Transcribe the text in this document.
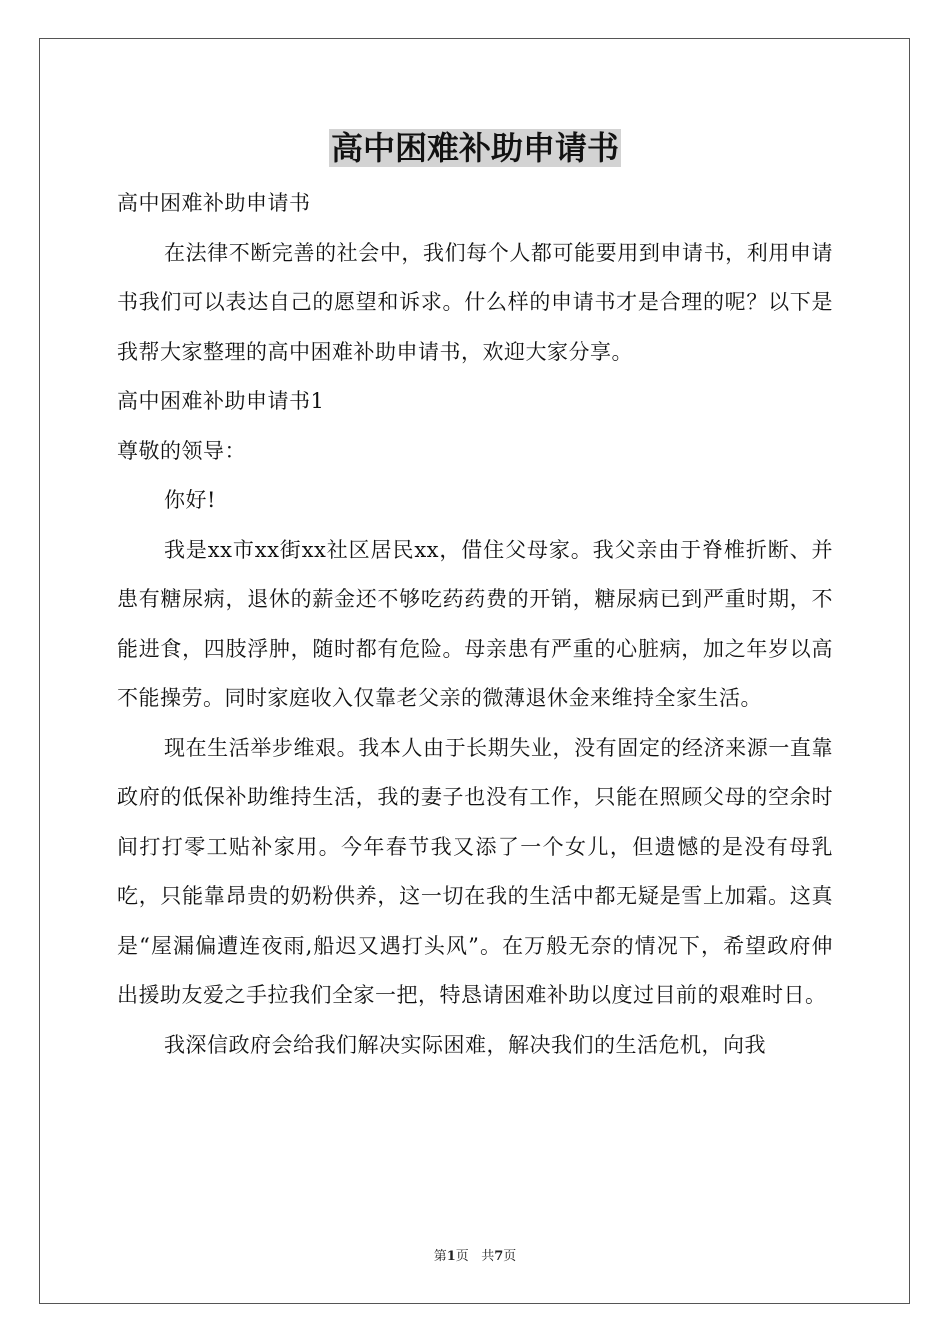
高中困难补助申请书

高中困难补助申请书

在法律不断完善的社会中，我们每个人都可能要用到申请书，利用申请书我们可以表达自己的愿望和诉求。什么样的申请书才是合理的呢？以下是我帮大家整理的高中困难补助申请书，欢迎大家分享。

高中困难补助申请书1

尊敬的领导：

你好!

我是xx市xx街xx社区居民xx，借住父母家。我父亲由于脊椎折断、并患有糖尿病，退休的薪金还不够吃药药费的开销，糖尿病已到严重时期，不能进食，四肢浮肿，随时都有危险。母亲患有严重的心脏病，加之年岁以高不能操劳。同时家庭收入仅靠老父亲的微薄退休金来维持全家生活。

现在生活举步维艰。我本人由于长期失业，没有固定的经济来源一直靠政府的低保补助维持生活，我的妻子也没有工作，只能在照顾父母的空余时间打打零工贴补家用。今年春节我又添了一个女儿，但遗憾的是没有母乳吃，只能靠昂贵的奶粉供养，这一切在我的生活中都无疑是雪上加霜。这真是“屋漏偏遭连夜雨,船迟又遇打头风”。在万般无奈的情况下，希望政府伸出援助友爱之手拉我们全家一把，特恳请困难补助以度过目前的艰难时日。

我深信政府会给我们解决实际困难，解决我们的生活危机，向我

第1页 共7页
